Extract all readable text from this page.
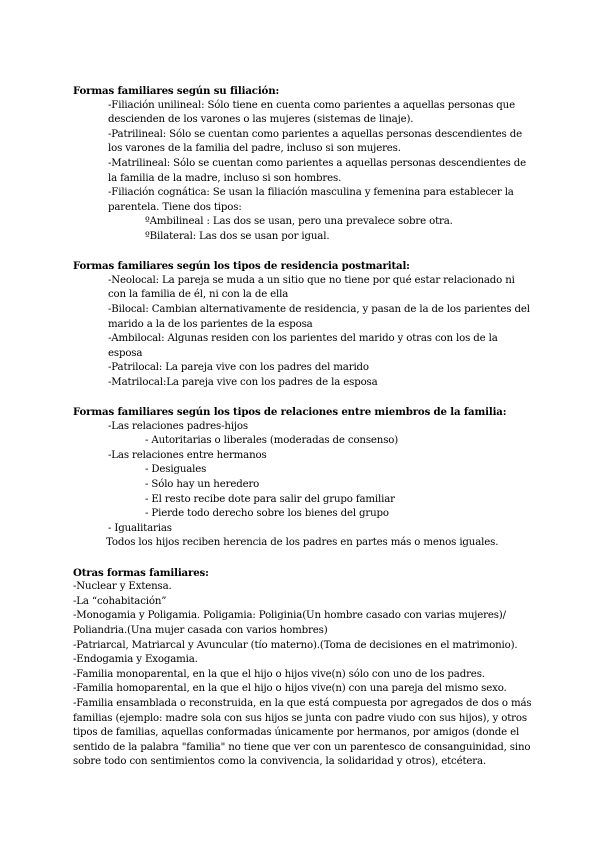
Formas familiares según su filiación:
-Filiación unilineal: Sólo tiene en cuenta como parientes a aquellas personas que descienden de los varones o las mujeres (sistemas de linaje).
-Patrilineal: Sólo se cuentan como parientes a aquellas personas descendientes de los varones de la familia del padre, incluso si son mujeres.
-Matrilineal: Sólo se cuentan como parientes a aquellas personas descendientes de la familia de la madre, incluso si son hombres.
-Filiación cognática: Se usan la filiación masculina y femenina para establecer la parentela. Tiene dos tipos:
ºAmbilineal : Las dos se usan, pero una prevalece sobre otra.
ºBilateral: Las dos se usan por igual.
Formas familiares según los tipos de residencia postmarital:
-Neolocal: La pareja se muda a un sitio que no tiene por qué estar relacionado ni con la familia de él, ni con la de ella
-Bilocal: Cambian alternativamente de residencia, y pasan de la de los parientes del marido a la de los parientes de la esposa
-Ambilocal: Algunas residen con los parientes del marido y otras con los de la esposa
-Patrilocal: La pareja vive con los padres del marido
-Matrilocal:La pareja vive con los padres de la esposa
Formas familiares según los tipos de relaciones entre miembros de la familia:
-Las relaciones padres-hijos
- Autoritarias o liberales (moderadas de consenso)
-Las relaciones entre hermanos
- Desiguales
- Sólo hay un heredero
- El resto recibe dote para salir del grupo familiar
- Pierde todo derecho sobre los bienes del grupo
- Igualitarias
Todos los hijos reciben herencia de los padres en partes más o menos iguales.
Otras formas familiares:
-Nuclear y Extensa.
-La “cohabitación”
-Monogamia y Poligamia. Poligamia: Poliginia(Un hombre casado con varias mujeres)/ Poliandria.(Una mujer casada con varios hombres)
-Patriarcal, Matriarcal y Avuncular (tío materno).(Toma de decisiones en el matrimonio).
-Endogamia y Exogamia.
-Familia monoparental, en la que el hijo o hijos vive(n) sólo con uno de los padres.
-Familia homoparental, en la que el hijo o hijos vive(n) con una pareja del mismo sexo.
-Familia ensamblada o reconstruida, en la que está compuesta por agregados de dos o más familias (ejemplo: madre sola con sus hijos se junta con padre viudo con sus hijos), y otros tipos de familias, aquellas conformadas únicamente por hermanos, por amigos (donde el sentido de la palabra "familia" no tiene que ver con un parentesco de consanguinidad, sino sobre todo con sentimientos como la convivencia, la solidaridad y otros), etcétera.
